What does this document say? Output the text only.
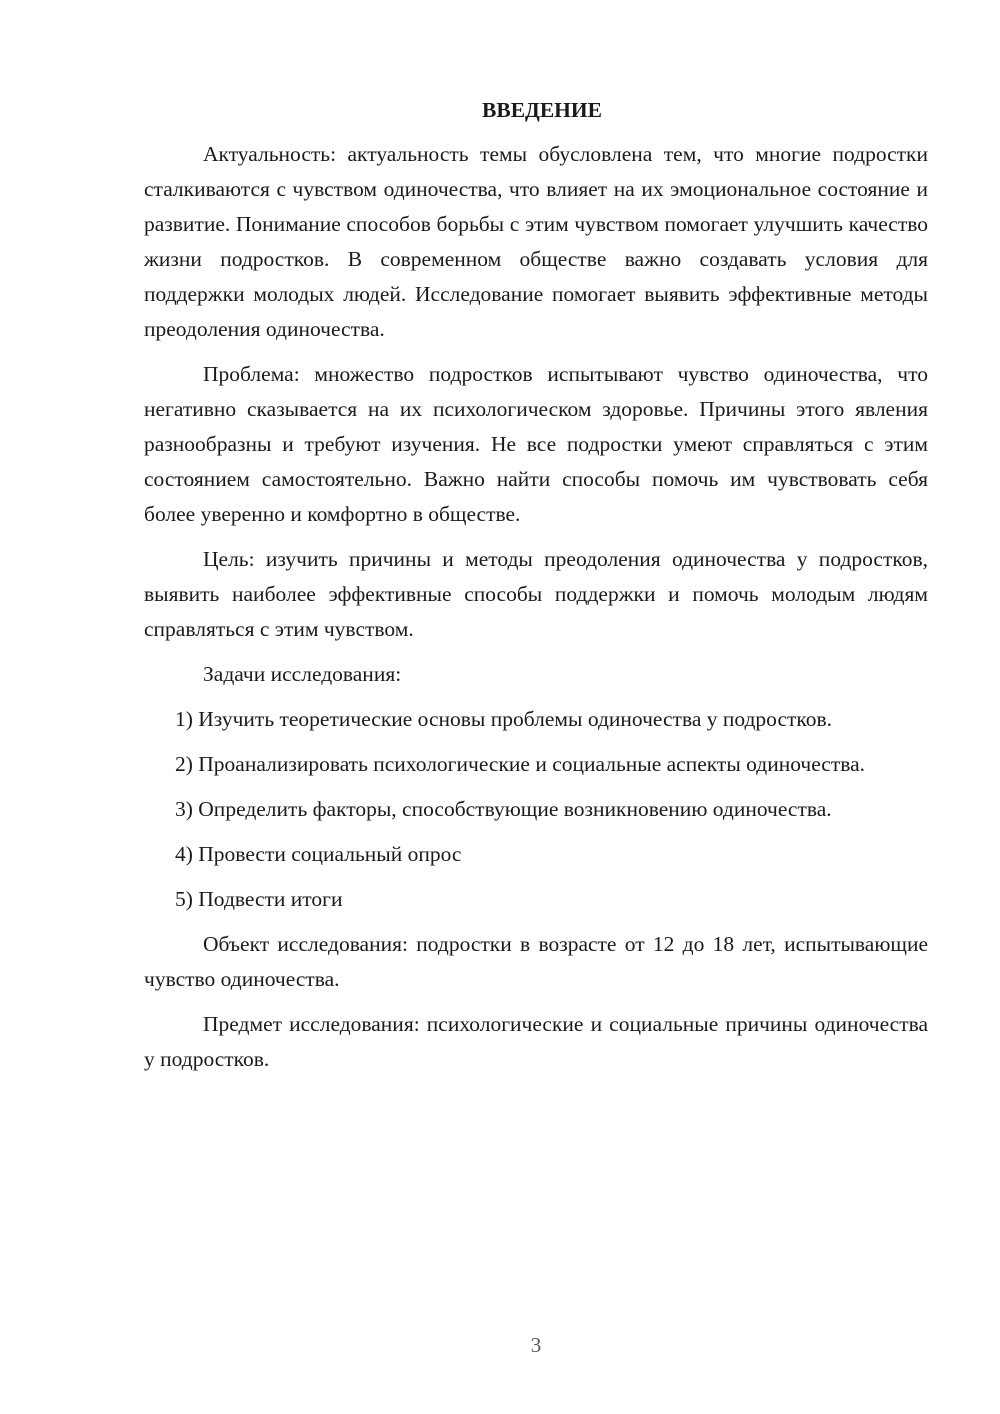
ВВЕДЕНИЕ

Актуальность: актуальность темы обусловлена тем, что многие подростки сталкиваются с чувством одиночества, что влияет на их эмоциональное состояние и развитие. Понимание способов борьбы с этим чувством помогает улучшить качество жизни подростков. В современном обществе важно создавать условия для поддержки молодых людей. Исследование помогает выявить эффективные методы преодоления одиночества.

Проблема: множество подростков испытывают чувство одиночества, что негативно сказывается на их психологическом здоровье. Причины этого явления разнообразны и требуют изучения. Не все подростки умеют справляться с этим состоянием самостоятельно. Важно найти способы помочь им чувствовать себя более уверенно и комфортно в обществе.

Цель: изучить причины и методы преодоления одиночества у подростков, выявить наиболее эффективные способы поддержки и помочь молодым людям справляться с этим чувством.

Задачи исследования:

1) Изучить теоретические основы проблемы одиночества у подростков.

2) Проанализировать психологические и социальные аспекты одиночества.

3) Определить факторы, способствующие возникновению одиночества.

4) Провести социальный опрос

5) Подвести итоги

Объект исследования: подростки в возрасте от 12 до 18 лет, испытывающие чувство одиночества.

Предмет исследования: психологические и социальные причины одиночества у подростков.

3
